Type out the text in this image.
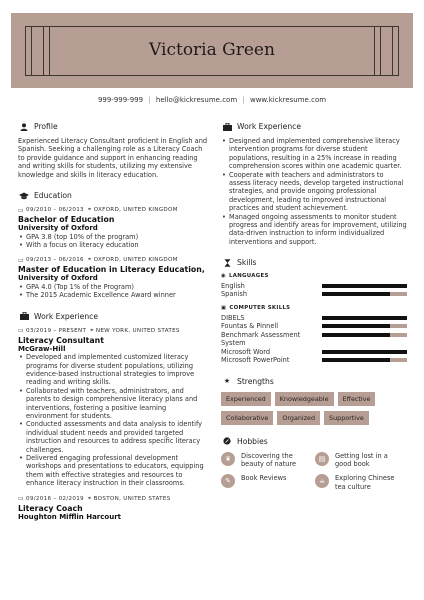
Victoria Green
999-999-999 | hello@kickresume.com | www.kickresume.com
Profile
Experienced Literacy Consultant proficient in English and Spanish. Seeking a challenging role as a Literacy Coach to provide guidance and support in enhancing reading and writing skills for students, utilizing my extensive knowledge and skills in literacy education.
Education
▭ 09/2010 – 06/2013 ⌖ OXFORD, UNITED KINGDOM
Bachelor of Education
University of Oxford
• GPA 3.8 (top 10% of the program)
• With a focus on literacy education
▭ 09/2013 – 06/2016 ⌖ OXFORD, UNITED KINGDOM
Master of Education in Literacy Education,
University of Oxford
• GPA 4.0 (Top 1% of the Program)
• The 2015 Academic Excellence Award winner
Work Experience
▭ 03/2019 – PRESENT ⌖ NEW YORK, UNITED STATES
Literacy Consultant
McGraw-Hill
• Developed and implemented customized literacy programs for diverse student populations, utilizing evidence-based instructional strategies to improve reading and writing skills.
• Collaborated with teachers, administrators, and parents to design comprehensive literacy plans and interventions, fostering a positive learning environment for students.
• Conducted assessments and data analysis to identify individual student needs and provided targeted instruction and resources to address specific literacy challenges.
• Delivered engaging professional development workshops and presentations to educators, equipping them with effective strategies and resources to enhance literacy instruction in their classrooms.
▭ 09/2016 – 02/2019 ⌖ BOSTON, UNITED STATES
Literacy Coach
Houghton Mifflin Harcourt
Work Experience
• Designed and implemented comprehensive literacy intervention programs for diverse student populations, resulting in a 25% increase in reading comprehension scores within one academic quarter.
• Cooperate with teachers and administrators to assess literacy needs, develop targeted instructional strategies, and provide ongoing professional development, leading to improved instructional practices and student achievement.
• Managed ongoing assessments to monitor student progress and identify areas for improvement, utilizing data-driven instruction to inform individualized interventions and support.
Skills
◉ LANGUAGES
English
Spanish
▣ COMPUTER SKILLS
DIBELS
Fountas & Pinnell
Benchmark Assessment System
Microsoft Word
Microsoft PowerPoint
★ Strengths
Experienced	Knowledgeable	Effective
Collaborative	Organized	Supportive
Hobbies
❦	Discovering the beauty of nature
▤	Getting lost in a good book
✎	Book Reviews	☕	Exploring Chinese tea culture
